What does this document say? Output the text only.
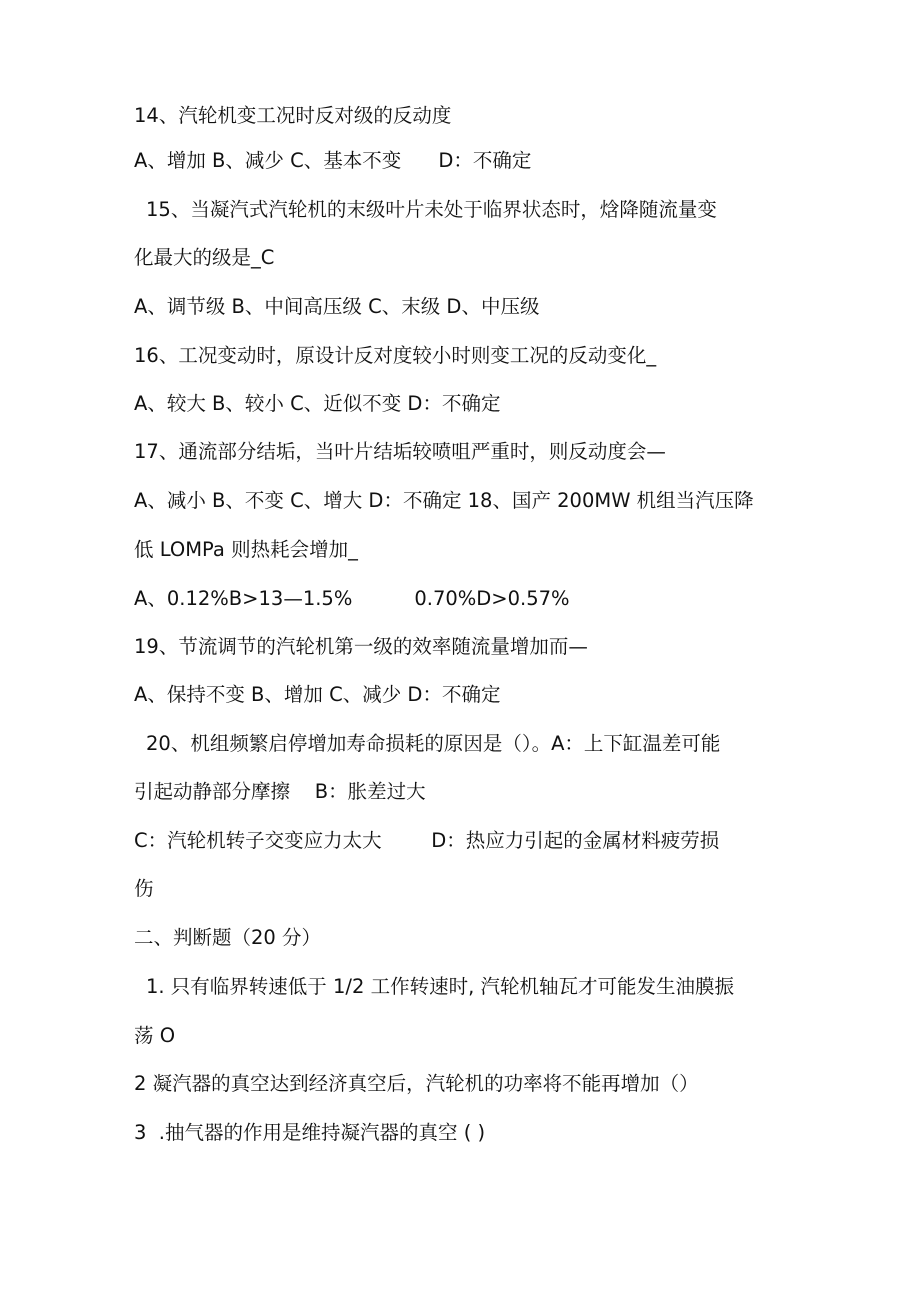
14、汽轮机变工况时反对级的反动度
A、增加 B、减少 C、基本不变      D：不确定
15、当凝汽式汽轮机的末级叶片未处于临界状态时，焓降随流量变
化最大的级是_C
A、调节级 B、中间高压级 C、末级 D、中压级
16、工况变动时，原设计反对度较小时则变工况的反动变化_
A、较大 B、较小 C、近似不变 D：不确定
17、通流部分结垢，当叶片结垢较喷咀严重时，则反动度会—
A、减小 B、不变 C、增大 D：不确定 18、国产 200MW 机组当汽压降
低 LOMPa 则热耗会增加_
A、0.12%B>13—1.5%          0.70%D>0.57%
19、节流调节的汽轮机第一级的效率随流量增加而—
A、保持不变 B、增加 C、减少 D：不确定
20、机组频繁启停增加寿命损耗的原因是（）。A：上下缸温差可能
引起动静部分摩擦    B：胀差过大
C：汽轮机转子交变应力太大        D：热应力引起的金属材料疲劳损
伤
二、判断题（20 分）
1. 只有临界转速低于 1/2 工作转速时, 汽轮机轴瓦才可能发生油膜振
荡 O
2 凝汽器的真空达到经济真空后，汽轮机的功率将不能再增加（）
3  .抽气器的作用是维持凝汽器的真空 ( )
